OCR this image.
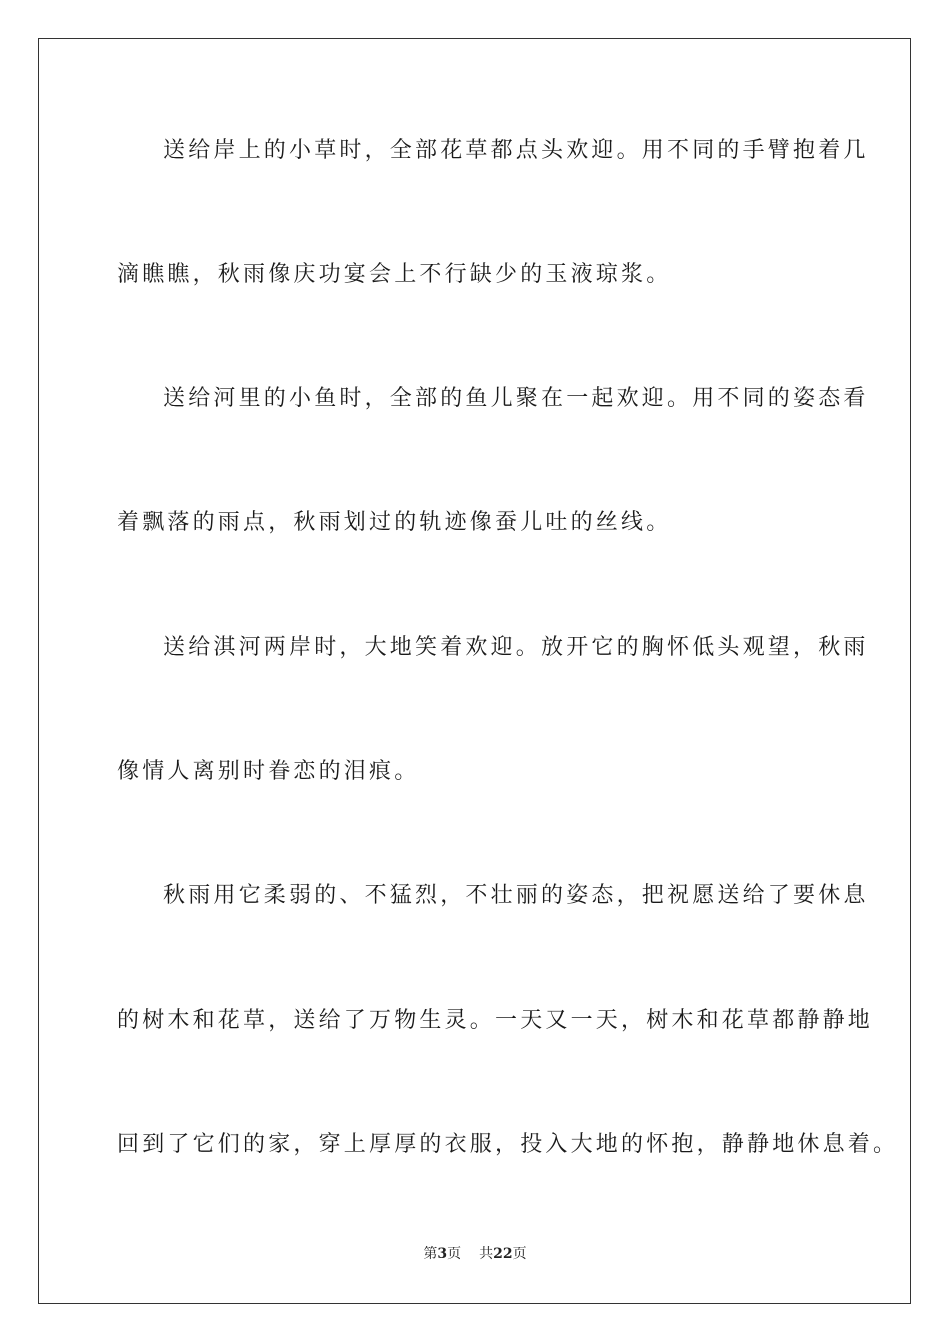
送给岸上的小草时，全部花草都点头欢迎。用不同的手臂抱着几
滴瞧瞧，秋雨像庆功宴会上不行缺少的玉液琼浆。
送给河里的小鱼时，全部的鱼儿聚在一起欢迎。用不同的姿态看
着飘落的雨点，秋雨划过的轨迹像蚕儿吐的丝线。
送给淇河两岸时，大地笑着欢迎。放开它的胸怀低头观望，秋雨
像情人离别时眷恋的泪痕。
秋雨用它柔弱的、不猛烈，不壮丽的姿态，把祝愿送给了要休息
的树木和花草，送给了万物生灵。一天又一天，树木和花草都静静地
回到了它们的家，穿上厚厚的衣服，投入大地的怀抱，静静地休息着。
第3页 共22页
